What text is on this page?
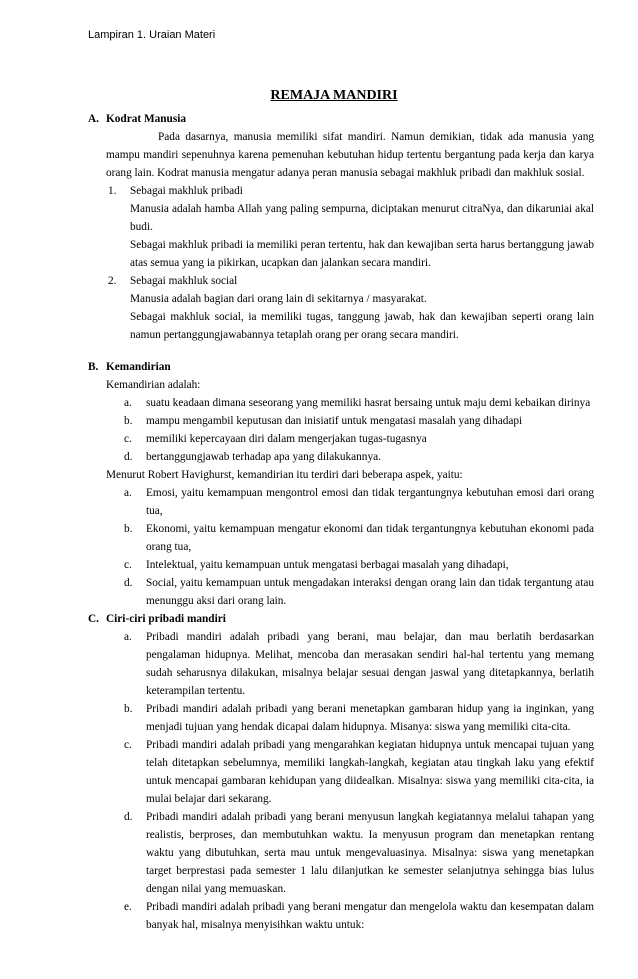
Lampiran 1. Uraian Materi
REMAJA MANDIRI
A. Kodrat Manusia

Pada dasarnya, manusia memiliki sifat mandiri. Namun demikian, tidak ada manusia yang mampu mandiri sepenuhnya karena pemenuhan kebutuhan hidup tertentu bergantung pada kerja dan karya orang lain. Kodrat manusia mengatur adanya peran manusia sebagai makhluk pribadi dan makhluk sosial.

1.	Sebagai makhluk pribadi

Manusia adalah hamba Allah yang paling sempurna, diciptakan menurut citraNya, dan dikaruniai akal budi.

Sebagai makhluk pribadi ia memiliki peran tertentu, hak dan kewajiban serta harus bertanggung jawab atas semua yang ia pikirkan, ucapkan dan jalankan secara mandiri.

2.	Sebagai makhluk social

Manusia adalah bagian dari orang lain di sekitarnya / masyarakat.

Sebagai makhluk social, ia memiliki tugas, tanggung jawab, hak dan kewajiban seperti orang lain namun pertanggungjawabannya tetaplah orang per orang secara mandiri.

B. Kemandirian

Kemandirian adalah:

a.	suatu keadaan dimana seseorang yang memiliki hasrat bersaing untuk maju demi kebaikan dirinya
b.	mampu mengambil keputusan dan inisiatif untuk mengatasi masalah yang dihadapi
c.	memiliki kepercayaan diri dalam mengerjakan tugas-tugasnya
d.	bertanggungjawab terhadap apa yang dilakukannya.

Menurut Robert Havighurst, kemandirian itu terdiri dari beberapa aspek, yaitu:

a.	Emosi, yaitu kemampuan mengontrol emosi dan tidak tergantungnya kebutuhan emosi dari orang tua,
b.	Ekonomi, yaitu kemampuan mengatur ekonomi dan tidak tergantungnya kebutuhan ekonomi pada orang tua,
c.	Intelektual, yaitu kemampuan untuk mengatasi berbagai masalah yang dihadapi,
d.	Social, yaitu kemampuan untuk mengadakan interaksi dengan orang lain dan tidak tergantung atau menunggu aksi dari orang lain.
C. Ciri-ciri pribadi mandiri
a.	Pribadi mandiri adalah pribadi yang berani, mau belajar, dan mau berlatih berdasarkan pengalaman hidupnya. Melihat, mencoba dan merasakan sendiri hal-hal tertentu yang memang sudah seharusnya dilakukan, misalnya belajar sesuai dengan jaswal yang ditetapkannya, berlatih keterampilan tertentu.
b.	Pribadi mandiri adalah pribadi yang berani menetapkan gambaran hidup yang ia inginkan, yang menjadi tujuan yang hendak dicapai dalam hidupnya. Misanya: siswa yang memiliki cita-cita.
c.	Pribadi mandiri adalah pribadi yang mengarahkan kegiatan hidupnya untuk mencapai tujuan yang telah ditetapkan sebelumnya, memiliki langkah-langkah, kegiatan atau tingkah laku yang efektif untuk mencapai gambaran kehidupan yang diidealkan. Misalnya: siswa yang memiliki cita-cita, ia mulai belajar dari sekarang.
d.	Pribadi mandiri adalah pribadi yang berani menyusun langkah kegiatannya melalui tahapan yang realistis, berproses, dan membutuhkan waktu. Ia menyusun program dan menetapkan rentang waktu yang dibutuhkan, serta mau untuk mengevaluasinya. Misalnya: siswa yang menetapkan target berprestasi pada semester 1 lalu dilanjutkan ke semester selanjutnya sehingga bias lulus dengan nilai yang memuaskan.
e.	Pribadi mandiri adalah pribadi yang berani mengatur dan mengelola waktu dan kesempatan dalam banyak hal, misalnya menyisihkan waktu untuk:
